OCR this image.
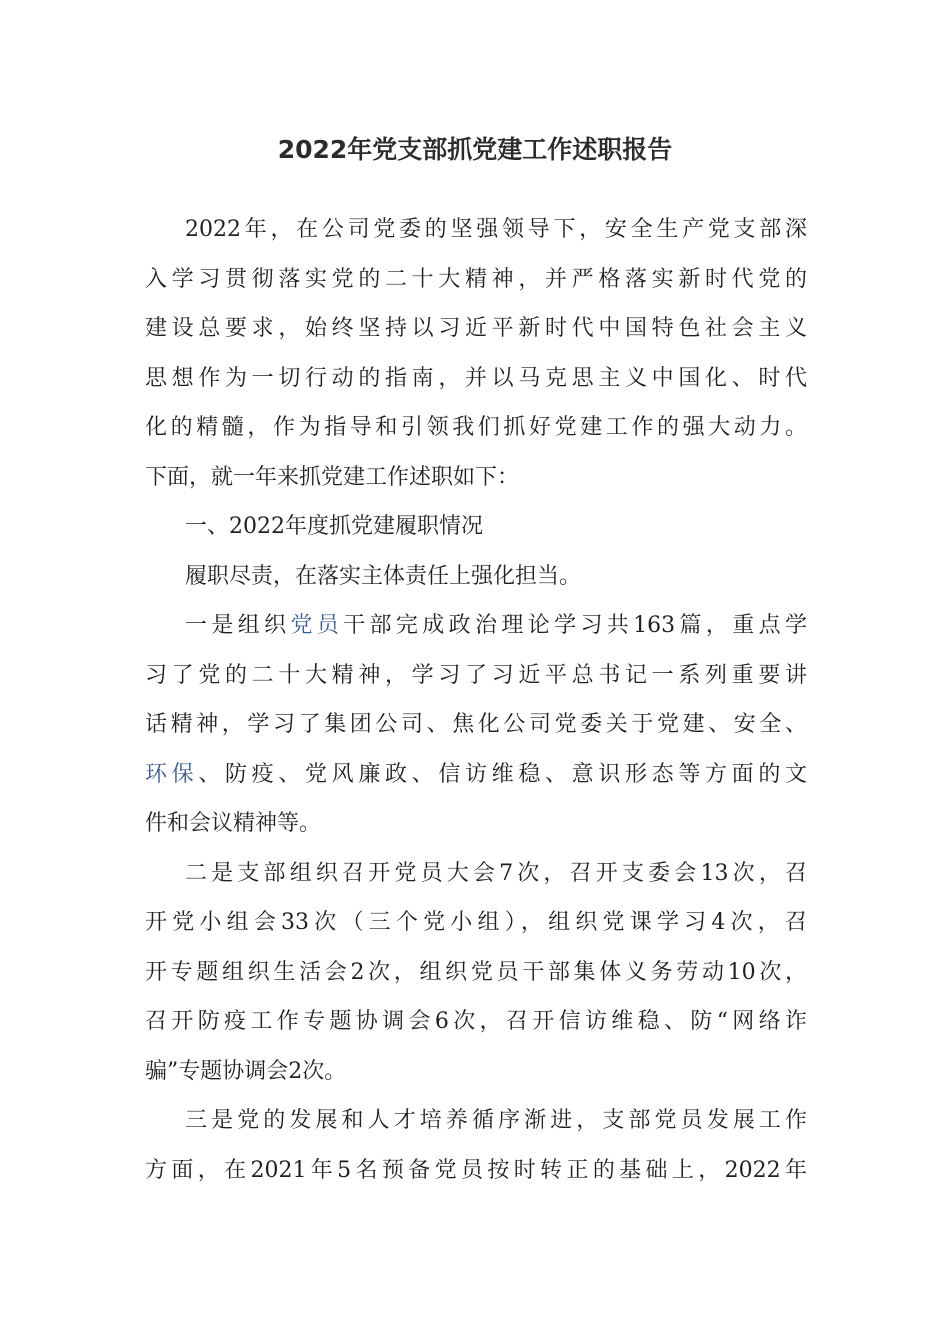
2022年党支部抓党建工作述职报告

2022年，在公司党委的坚强领导下，安全生产党支部深
入学习贯彻落实党的二十大精神，并严格落实新时代党的
建设总要求，始终坚持以习近平新时代中国特色社会主义
思想作为一切行动的指南，并以马克思主义中国化、时代
化的精髓，作为指导和引领我们抓好党建工作的强大动力。
下面，就一年来抓党建工作述职如下：

一、2022年度抓党建履职情况

履职尽责，在落实主体责任上强化担当。

一是组织党员干部完成政治理论学习共163篇，重点学
习了党的二十大精神，学习了习近平总书记一系列重要讲
话精神，学习了集团公司、焦化公司党委关于党建、安全、
环保、防疫、党风廉政、信访维稳、意识形态等方面的文
件和会议精神等。

二是支部组织召开党员大会7次，召开支委会13次，召
开党小组会33次（三个党小组），组织党课学习4次，召
开专题组织生活会2次，组织党员干部集体义务劳动10次，
召开防疫工作专题协调会6次，召开信访维稳、防“网络诈
骗”专题协调会2次。

三是党的发展和人才培养循序渐进，支部党员发展工作
方面，在2021年5名预备党员按时转正的基础上，2022年
